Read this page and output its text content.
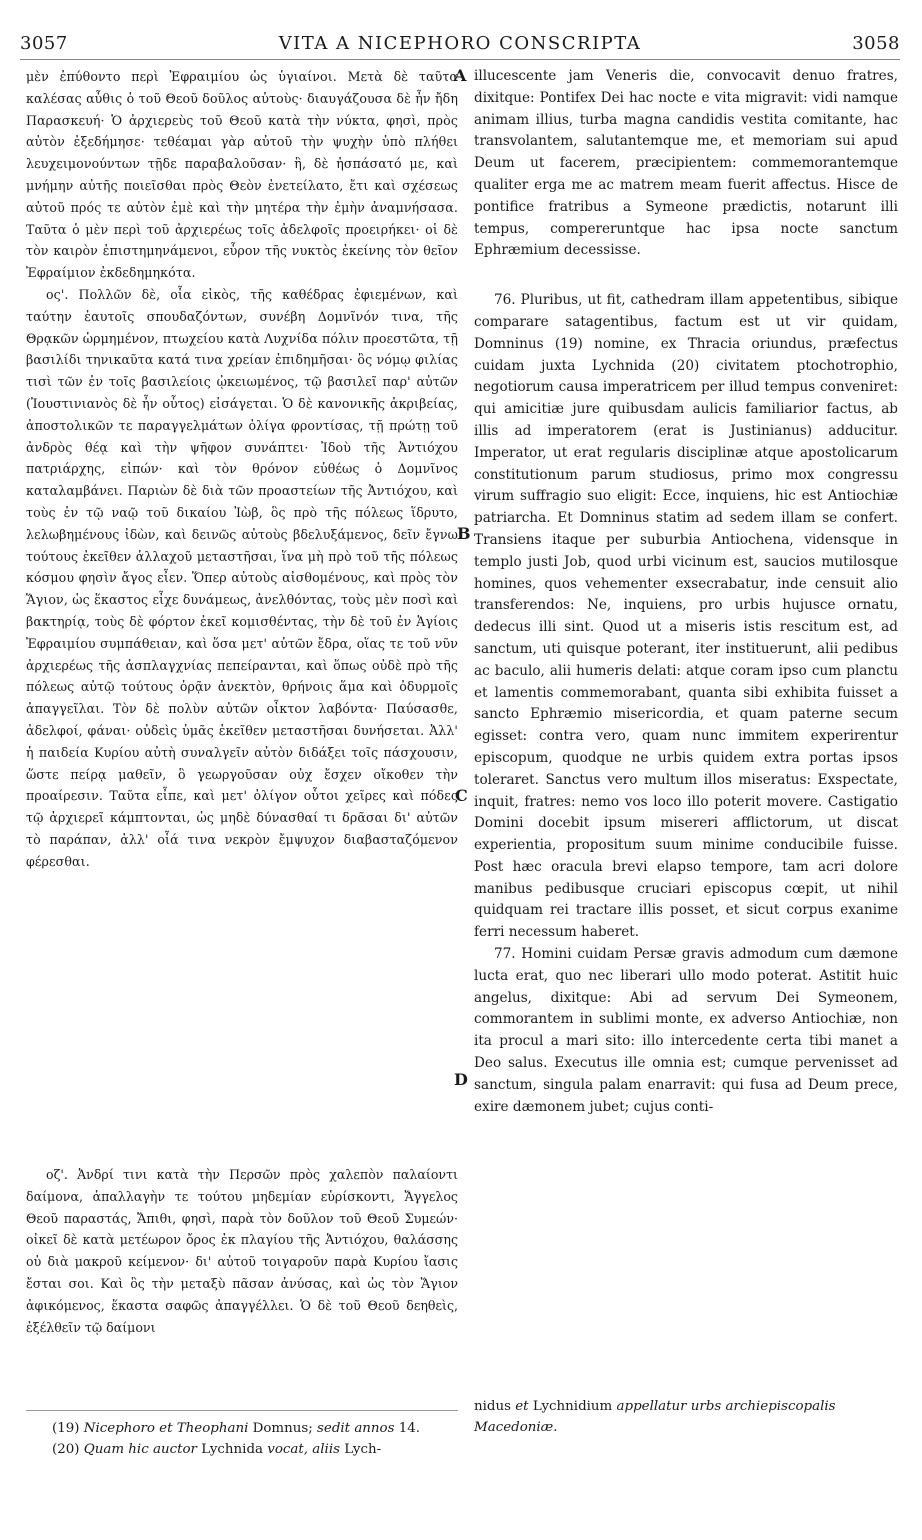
3057	VITA A NICEPHORO CONSCRIPTA	3058
A
B
C
D

μὲν ἐπύθοντο περὶ Ἐφραιμίου ὡς ὑγιαίνοι. Μετὰ δὲ ταῦτα καλέσας αὖθις ὁ τοῦ Θεοῦ δοῦλος αὐτοὺς· διαυγάζουσα δὲ ἦν ἤδη Παρασκευή· Ὁ ἀρχιερεὺς τοῦ Θεοῦ κατὰ τὴν νύκτα, φησὶ, πρὸς αὐτὸν ἐξεδήμησε· τεθέαμαι γὰρ αὐτοῦ τὴν ψυχὴν ὑπὸ πλήθει λευχειμονούντων τῇδε παραβαλοῦσαν· ἣ, δὲ ἠσπάσατό με, καὶ μνήμην αὐτῆς ποιεῖσθαι πρὸς Θεὸν ἐνετείλατο, ἔτι καὶ σχέσεως αὐτοῦ πρός τε αὐτὸν ἐμὲ καὶ τὴν μητέρα τὴν ἐμὴν ἀναμνήσασα. Ταῦτα ὁ μὲν περὶ τοῦ ἀρχιερέως τοῖς ἀδελφοῖς προειρήκει· οἱ δὲ τὸν καιρὸν ἐπιστημηνάμενοι, εὗρον τῆς νυκτὸς ἐκείνης τὸν θεῖον Ἐφραίμιον ἐκδεδημηκότα.

ος'. Πολλῶν δὲ, οἷα εἰκὸς, τῆς καθέδρας ἐφιεμένων, καὶ ταύτην ἑαυτοῖς σπουδαζόντων, συνέβη Δομνῖνόν τινα, τῆς Θρᾳκῶν ὡρμημένον, πτωχείου κατὰ Λυχνίδα πόλιν προεστῶτα, τῇ βασιλίδι τηνικαῦτα κατά τινα χρείαν ἐπιδημῆσαι· ὃς νόμῳ φιλίας τισὶ τῶν ἐν τοῖς βασιλείοις ᾠκειωμένος, τῷ βασιλεῖ παρ' αὐτῶν (Ἰουστινιανὸς δὲ ἦν οὗτος) εἰσάγεται. Ὁ δὲ κανονικῆς ἀκριβείας, ἀποστολικῶν τε παραγγελμάτων ὀλίγα φροντίσας, τῇ πρώτῃ τοῦ ἀνδρὸς θέᾳ καὶ τὴν ψῆφον συνάπτει· Ἰδοὺ τῆς Ἀντιόχου πατριάρχης, εἰπών· καὶ τὸν θρόνον εὐθέως ὁ Δομνῖνος καταλαμβάνει. Παριὼν δὲ διὰ τῶν προαστείων τῆς Ἀντιόχου, καὶ τοὺς ἐν τῷ ναῷ τοῦ δικαίου Ἰὼβ, ὃς πρὸ τῆς πόλεως ἵδρυτο, λελωβημένους ἰδὼν, καὶ δεινῶς αὐτοὺς βδελυξάμενος, δεῖν ἔγνω τούτους ἐκεῖθεν ἀλλαχοῦ μεταστῆσαι, ἵνα μὴ πρὸ τοῦ τῆς πόλεως κόσμου φησὶν ἄγος εἶεν. Ὅπερ αὐτοὺς αἰσθομένους, καὶ πρὸς τὸν Ἅγιον, ὡς ἕκαστος εἶχε δυνάμεως, ἀνελθόντας, τοὺς μὲν ποσὶ καὶ βακτηρίᾳ, τοὺς δὲ φόρτον ἐκεῖ κομισθέντας, τὴν δὲ τοῦ ἐν Ἁγίοις Ἐφραιμίου συμπάθειαν, καὶ ὅσα μετ' αὐτῶν ἔδρα, οἵας τε τοῦ νῦν ἀρχιερέως τῆς ἀσπλαγχνίας πεπείρανται, καὶ ὅπως οὐδὲ πρὸ τῆς πόλεως αὐτῷ τούτους ὁρᾷν ἀνεκτὸν, θρήνοις ἅμα καὶ ὀδυρμοῖς ἀπαγγεῖλαι. Τὸν δὲ πολὺν αὐτῶν οἶκτον λαβόντα· Παύσασθε, ἀδελφοί, φάναι· οὐδεὶς ὑμᾶς ἐκεῖθεν μεταστῆσαι δυνήσεται. Ἀλλ' ἡ παιδεία Κυρίου αὐτὴ συναλγεῖν αὐτὸν διδάξει τοῖς πάσχουσιν, ὥστε πείρᾳ μαθεῖν, ὃ γεωργοῦσαν οὐχ ἔσχεν οἴκοθεν τὴν προαίρεσιν. Ταῦτα εἶπε, καὶ μετ' ὀλίγον οὗτοι χεῖρες καὶ πόδες τῷ ἀρχιερεῖ κάμπτονται, ὡς μηδὲ δύνασθαί τι δρᾶσαι δι' αὐτῶν τὸ παράπαν, ἀλλ' οἷά τινα νεκρὸν ἔμψυχον διαβασταζόμενον φέρεσθαι.

οζ'. Ἀνδρί τινι κατὰ τὴν Περσῶν πρὸς χαλεπὸν παλαίοντι δαίμονα, ἀπαλλαγὴν τε τούτου μηδεμίαν εὑρίσκοντι, Ἄγγελος Θεοῦ παραστάς, Ἄπιθι, φησὶ, παρὰ τὸν δοῦλον τοῦ Θεοῦ Συμεών· οἰκεῖ δὲ κατὰ μετέωρον ὄρος ἐκ πλαγίου τῆς Ἀντιόχου, θαλάσσης οὐ διὰ μακροῦ κείμενον· δι' αὐτοῦ τοιγαροῦν παρὰ Κυρίου ἴασις ἔσται σοι. Καὶ ὃς τὴν μεταξὺ πᾶσαν ἀνύσας, καὶ ὡς τὸν Ἅγιον ἀφικόμενος, ἕκαστα σαφῶς ἀπαγγέλλει. Ὁ δὲ τοῦ Θεοῦ δεηθεὶς, ἐξέλθεῖν τῷ δαίμονι

illucescente jam Veneris die, convocavit denuo fratres, dixitque: Pontifex Dei hac nocte e vita migravit: vidi namque animam illius, turba magna candidis vestita comitante, hac transvolantem, salutantemque me, et memoriam sui apud Deum ut facerem, præcipientem: commemorantemque qualiter erga me ac matrem meam fuerit affectus. Hisce de pontifice fratribus a Symeone prædictis, notarunt illi tempus, compereruntque hac ipsa nocte sanctum Ephræmium decessisse.

76. Pluribus, ut fit, cathedram illam appetentibus, sibique comparare satagentibus, factum est ut vir quidam, Domninus (19) nomine, ex Thracia oriundus, præfectus cuidam juxta Lychnida (20) civitatem ptochotrophio, negotiorum causa imperatricem per illud tempus conveniret: qui amicitiæ jure quibusdam aulicis familiarior factus, ab illis ad imperatorem (erat is Justinianus) adducitur. Imperator, ut erat regularis disciplinæ atque apostolicarum constitutionum parum studiosus, primo mox congressu virum suffragio suo eligit: Ecce, inquiens, hic est Antiochiæ patriarcha. Et Domninus statim ad sedem illam se confert. Transiens itaque per suburbia Antiochena, vidensque in templo justi Job, quod urbi vicinum est, saucios mutilosque homines, quos vehementer exsecrabatur, inde censuit alio transferendos: Ne, inquiens, pro urbis hujusce ornatu, dedecus illi sint. Quod ut a miseris istis rescitum est, ad sanctum, uti quisque poterant, iter instituerunt, alii pedibus ac baculo, alii humeris delati: atque coram ipso cum planctu et lamentis commemorabant, quanta sibi exhibita fuisset a sancto Ephræmio misericordia, et quam paterne secum egisset: contra vero, quam nunc immitem experirentur episcopum, quodque ne urbis quidem extra portas ipsos toleraret. Sanctus vero multum illos miseratus: Exspectate, inquit, fratres: nemo vos loco illo poterit movere. Castigatio Domini docebit ipsum misereri afflictorum, ut discat experientia, propositum suum minime conducibile fuisse. Post hæc oracula brevi elapso tempore, tam acri dolore manibus pedibusque cruciari episcopus cœpit, ut nihil quidquam rei tractare illis posset, et sicut corpus exanime ferri necessum haberet.

77. Homini cuidam Persæ gravis admodum cum dæmone lucta erat, quo nec liberari ullo modo poterat. Astitit huic angelus, dixitque: Abi ad servum Dei Symeonem, commorantem in sublimi monte, ex adverso Antiochiæ, non ita procul a mari sito: illo intercedente certa tibi manet a Deo salus. Executus ille omnia est; cumque pervenisset ad sanctum, singula palam enarravit: qui fusa ad Deum prece, exire dæmonem jubet; cujus conti-

(19) Nicephoro et Theophani Domnus; sedit annos 14.
(20) Quam hic auctor Lychnida vocat, aliis Lych-
nidus et Lychnidium appellatur urbs archiepiscopalis Macedoniæ.
